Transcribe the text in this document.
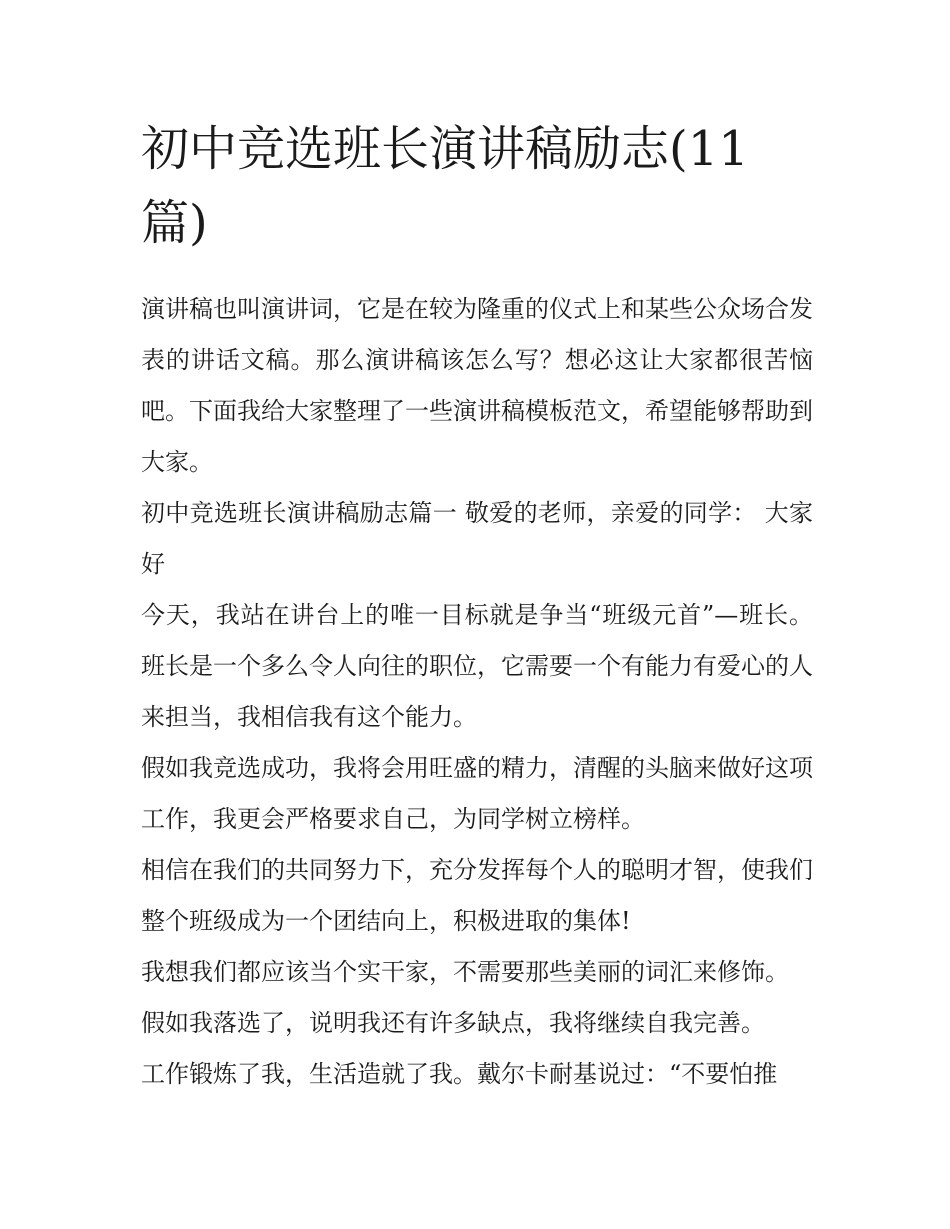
初中竞选班长演讲稿励志(11篇)

演讲稿也叫演讲词，它是在较为隆重的仪式上和某些公众场合发表的讲话文稿。那么演讲稿该怎么写？想必这让大家都很苦恼吧。下面我给大家整理了一些演讲稿模板范文，希望能够帮助到大家。

初中竞选班长演讲稿励志篇一 敬爱的老师，亲爱的同学： 大家好

今天，我站在讲台上的唯一目标就是争当“班级元首”—班长。班长是一个多么令人向往的职位，它需要一个有能力有爱心的人来担当，我相信我有这个能力。

假如我竞选成功，我将会用旺盛的精力，清醒的头脑来做好这项工作，我更会严格要求自己，为同学树立榜样。

相信在我们的共同努力下，充分发挥每个人的聪明才智，使我们整个班级成为一个团结向上，积极进取的集体!

我想我们都应该当个实干家，不需要那些美丽的词汇来修饰。

假如我落选了，说明我还有许多缺点，我将继续自我完善。

工作锻炼了我，生活造就了我。戴尔卡耐基说过：“不要怕推
